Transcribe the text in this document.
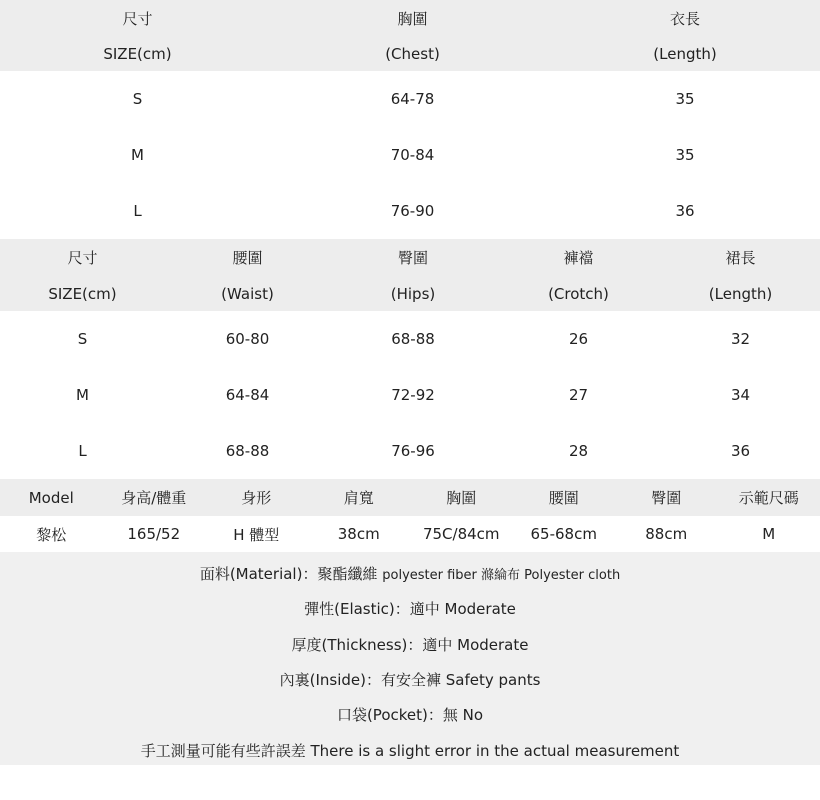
尺寸	胸圍	衣長
SIZE(cm)	(Chest)	(Length)
S	64-78	35
M	70-84	35
L	76-90	36
尺寸	腰圍	臀圍	褲襠	裙長
SIZE(cm)	(Waist)	(Hips)	(Crotch)	(Length)
S	60-80	68-88	26	32
M	64-84	72-92	27	34
L	68-88	76-96	28	36
Model	身高/體重	身形	肩寬	胸圍	腰圍	臀圍	示範尺碼
黎松	165/52	H 體型	38cm	75C/84cm	65-68cm	88cm	M
面料(Material)：聚酯纖維
polyester fiber 滌綸布 Polyester cloth
彈性(Elastic)：適中 Moderate
厚度(Thickness)：適中 Moderate
內裏(Inside)：有安全褲 Safety pants
口袋(Pocket)：無 No
手工測量可能有些許誤差 There is a slight error in the actual measurement
